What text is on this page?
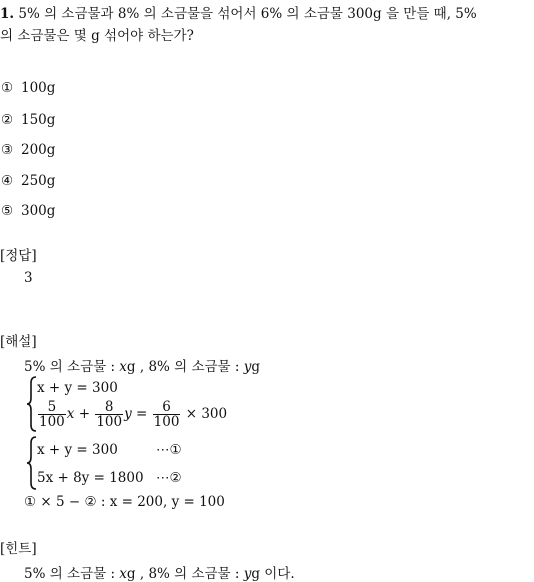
1. 5% 의 소금물과 8% 의 소금물을 섞어서 6% 의 소금물 300g 을 만들 때, 5%
의 소금물은 몇 g 섞어야 하는가?
① 100g
② 150g
③ 200g
④ 250g
⑤ 300g
[정답]
3
[해설]
5% 의 소금물 : xg , 8% 의 소금물 : yg
x + y = 300
$\frac{5}{100}$ $x + \frac{8}{100}$ $y = \frac{6}{100} \times 300$
x + y = 300	⋯①
5x + 8y = 1800 ⋯②
① × 5 − ② : x = 200, y = 100
[힌트]
5% 의 소금물 : xg , 8% 의 소금물 : yg 이다.
